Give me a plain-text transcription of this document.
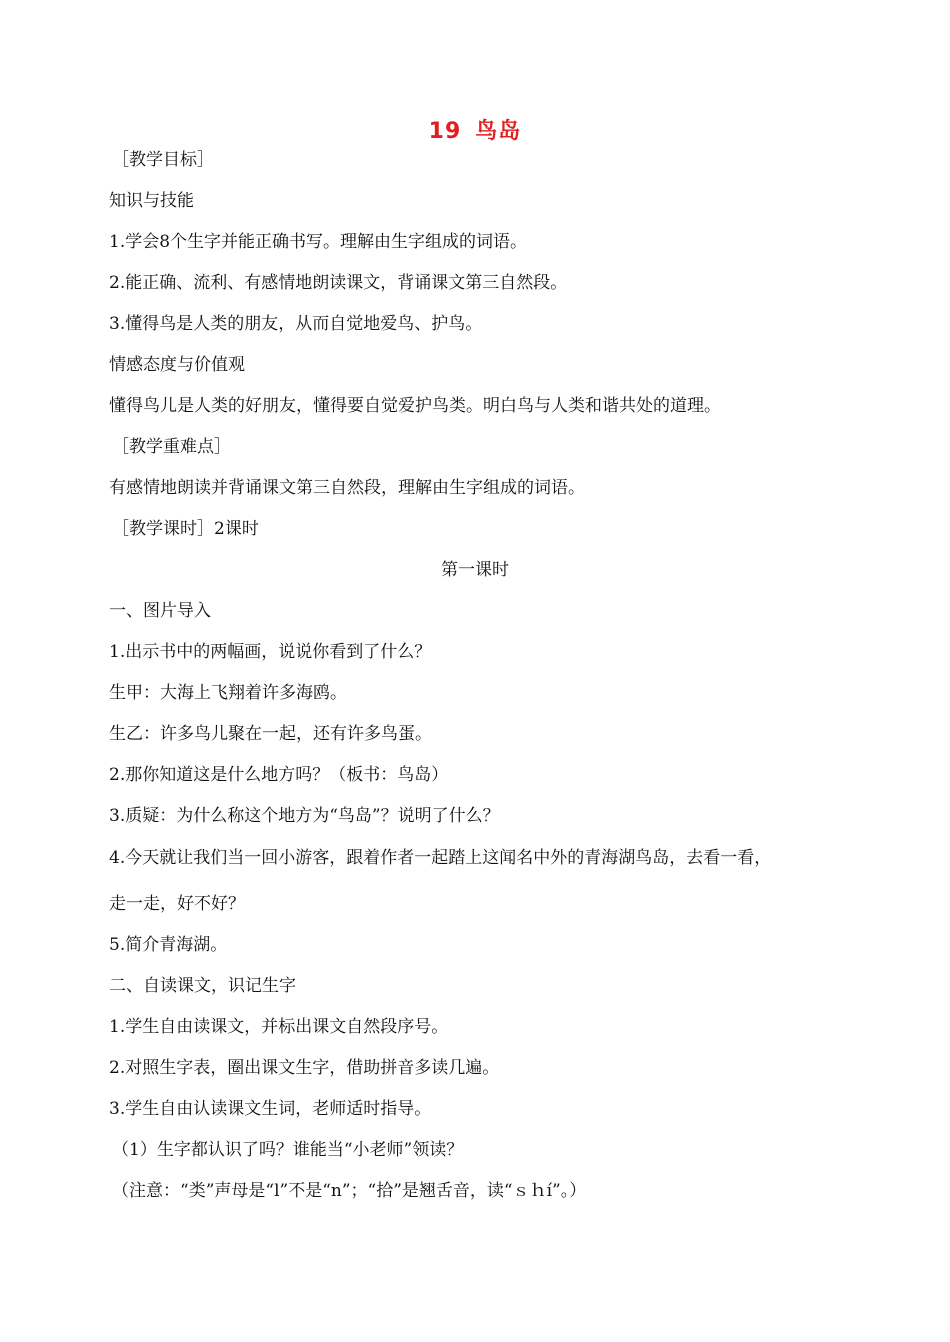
19 鸟岛
［教学目标］
知识与技能
1.学会8个生字并能正确书写。理解由生字组成的词语。
2.能正确、流利、有感情地朗读课文，背诵课文第三自然段。
3.懂得鸟是人类的朋友，从而自觉地爱鸟、护鸟。
情感态度与价值观
懂得鸟儿是人类的好朋友，懂得要自觉爱护鸟类。明白鸟与人类和谐共处的道理。
［教学重难点］
有感情地朗读并背诵课文第三自然段，理解由生字组成的词语。
［教学课时］2课时
第一课时
一、图片导入
1.出示书中的两幅画，说说你看到了什么？
生甲：大海上飞翔着许多海鸥。
生乙：许多鸟儿聚在一起，还有许多鸟蛋。
2.那你知道这是什么地方吗？（板书：鸟岛）
3.质疑：为什么称这个地方为“鸟岛”？说明了什么？
4.今天就让我们当一回小游客，跟着作者一起踏上这闻名中外的青海湖鸟岛，去看一看，
走一走，好不好？
5.简介青海湖。
二、自读课文，识记生字
1.学生自由读课文，并标出课文自然段序号。
2.对照生字表，圈出课文生字，借助拼音多读几遍。
3.学生自由认读课文生词，老师适时指导。
（1）生字都认识了吗？谁能当“小老师”领读？
（注意：“类”声母是“l”不是“n”；“拾”是翘舌音，读“ｓｈí”。）
